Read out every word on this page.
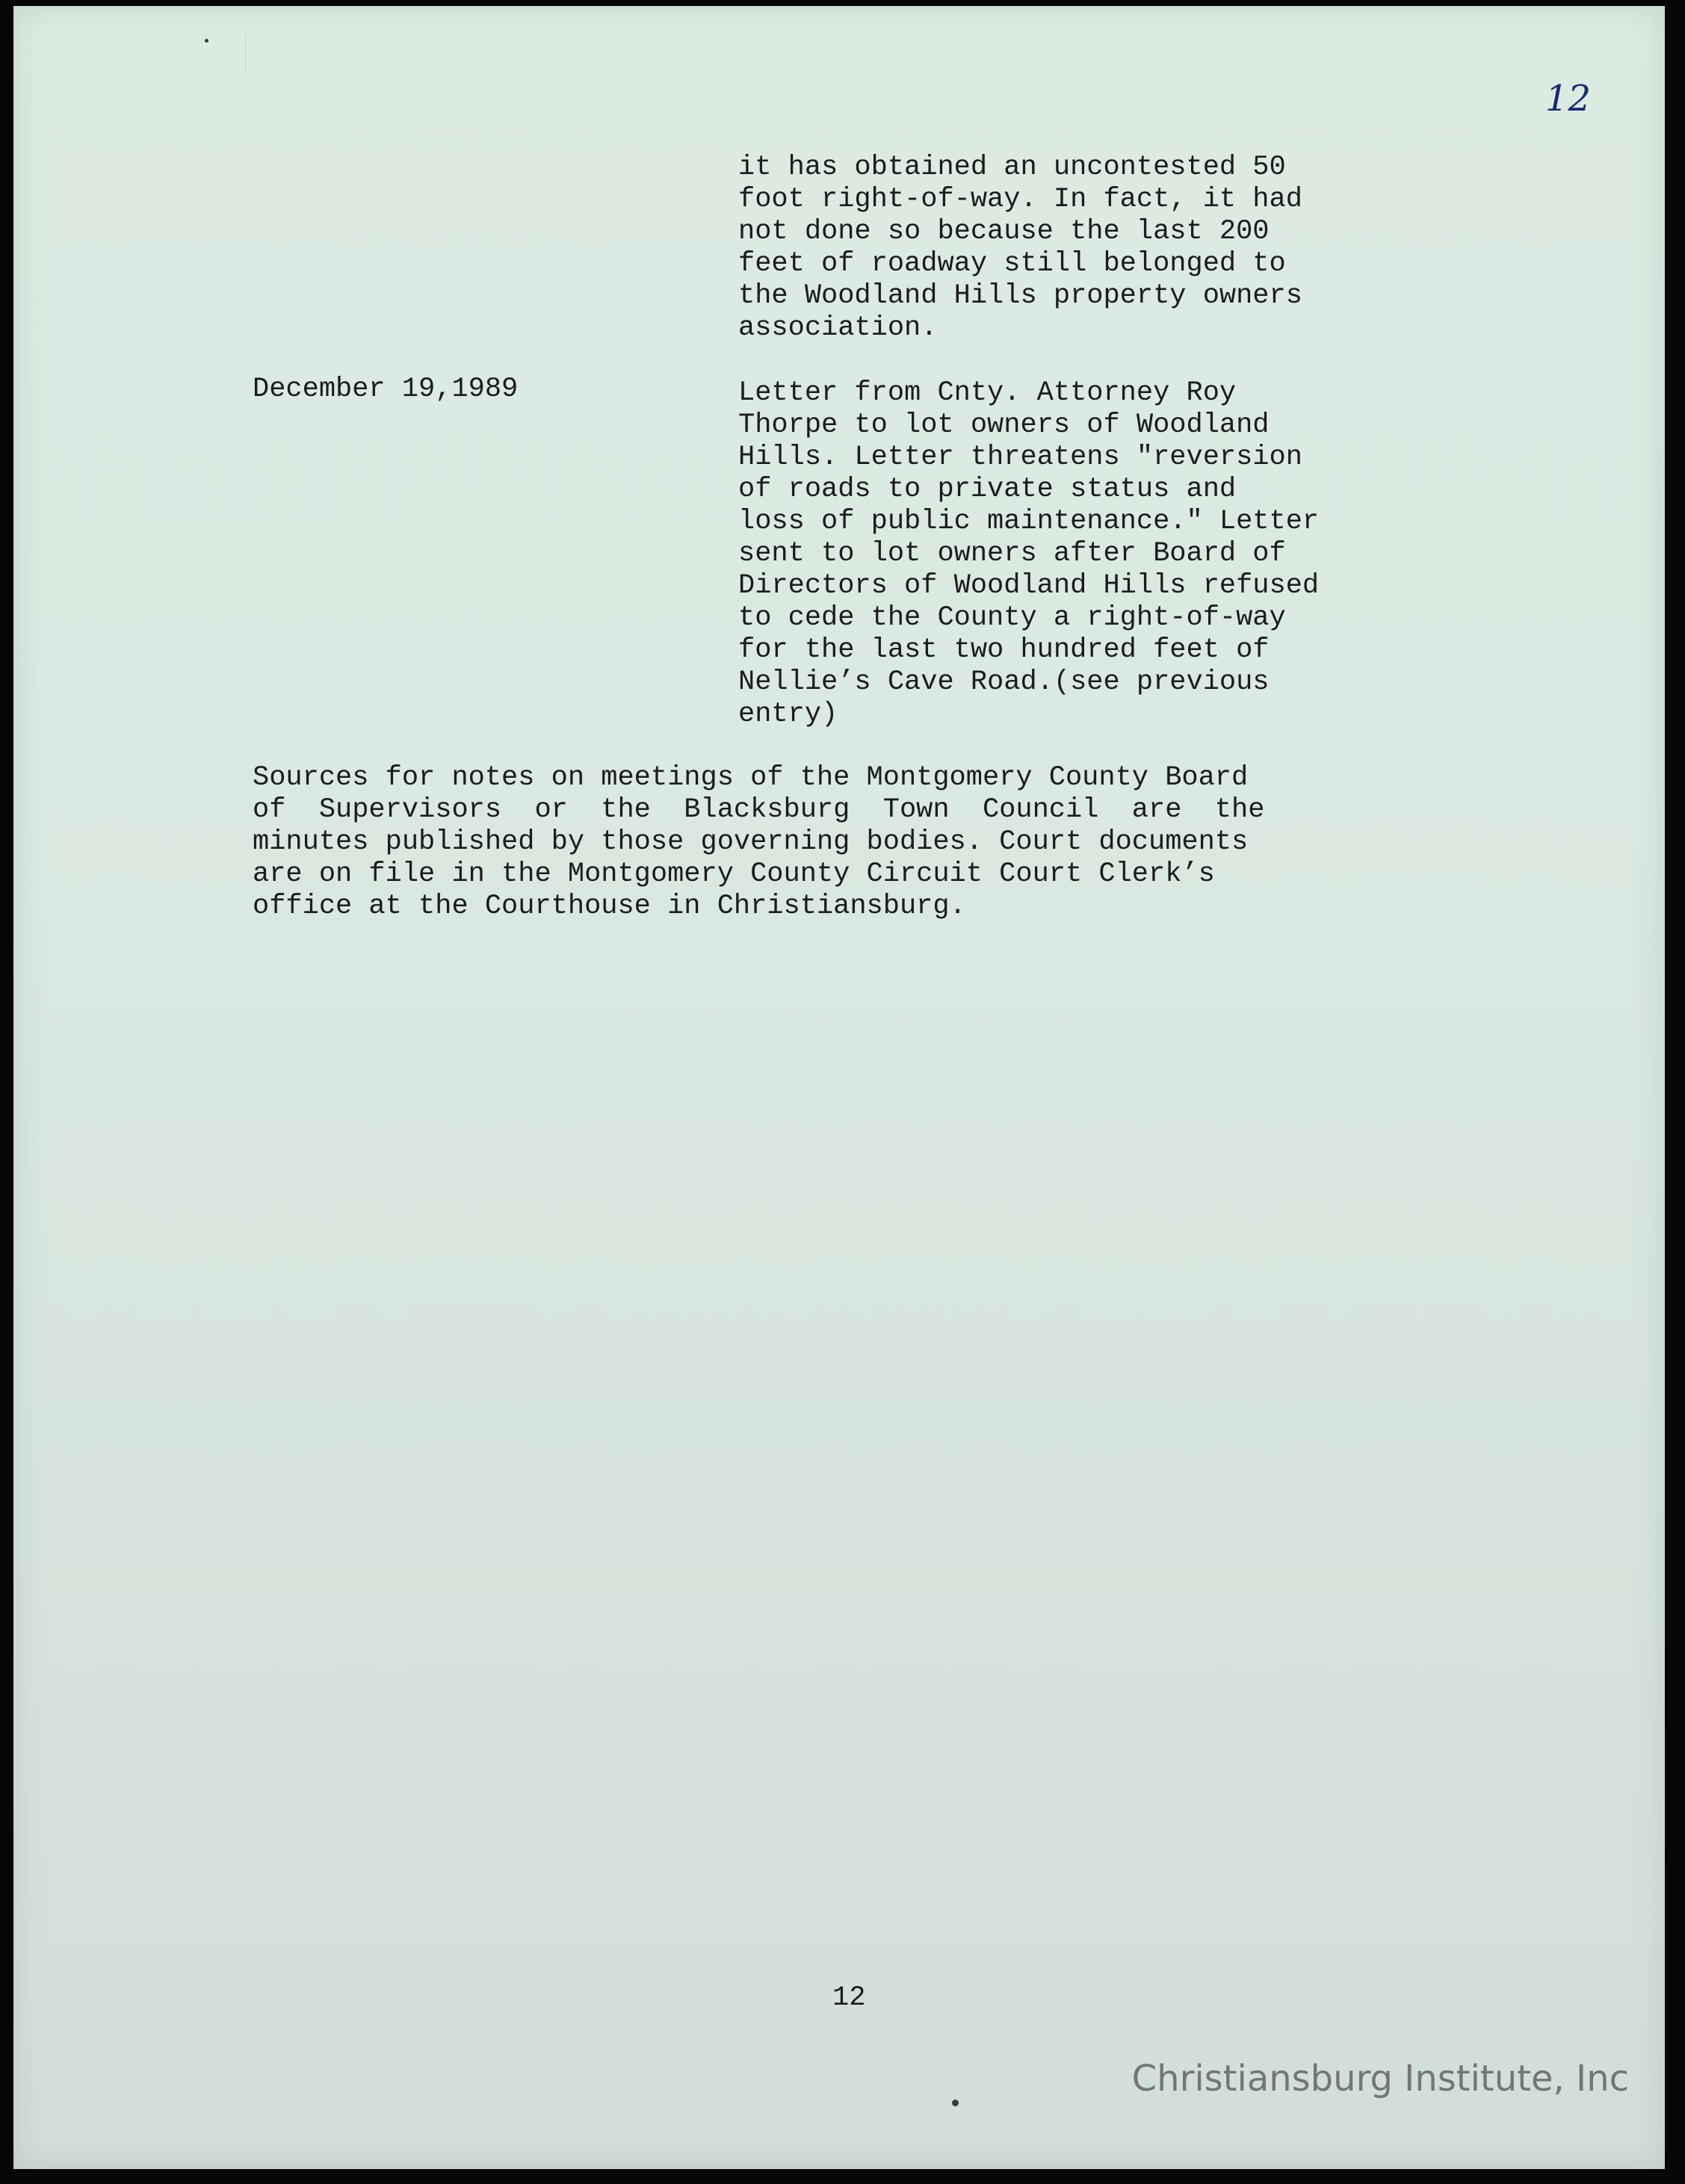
12

it has obtained an uncontested 50

foot right-of-way. In fact, it had

not done so because the last 200

feet of roadway still belonged to

the Woodland Hills property owners

association.

December 19,1989	Letter from Cnty. Attorney Roy

Thorpe to lot owners of Woodland

Hills. Letter threatens "reversion

of roads to private status and

loss of public maintenance." Letter

sent to lot owners after Board of

Directors of Woodland Hills refused

to cede the County a right-of-way

for the last two hundred feet of

Nellie’s Cave Road.(see previous

entry)

Sources for notes on meetings of the Montgomery County Board

of  Supervisors  or  the  Blacksburg  Town  Council  are  the

minutes published by those governing bodies. Court documents

are on file in the Montgomery County Circuit Court Clerk’s

office at the Courthouse in Christiansburg.

12

Christiansburg Institute, Inc
